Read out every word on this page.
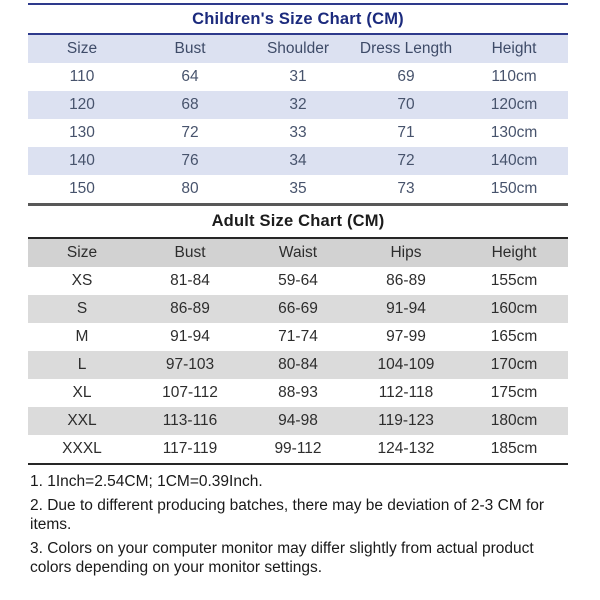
Children's Size Chart (CM)
Size	Bust	Shoulder	Dress Length	Height
110	64	31	69	110cm
120	68	32	70	120cm
130	72	33	71	130cm
140	76	34	72	140cm
150	80	35	73	150cm
Adult Size Chart (CM)
Size	Bust	Waist	Hips	Height
XS	81-84	59-64	86-89	155cm
S	86-89	66-69	91-94	160cm
M	91-94	71-74	97-99	165cm
L	97-103	80-84	104-109	170cm
XL	107-112	88-93	112-118	175cm
XXL	113-116	94-98	119-123	180cm
XXXL	117-119	99-112	124-132	185cm

1. 1Inch=2.54CM; 1CM=0.39Inch.

2. Due to different producing batches, there may be deviation of 2-3 CM for items.

3. Colors on your computer monitor may differ slightly from actual product colors depending on your monitor settings.
